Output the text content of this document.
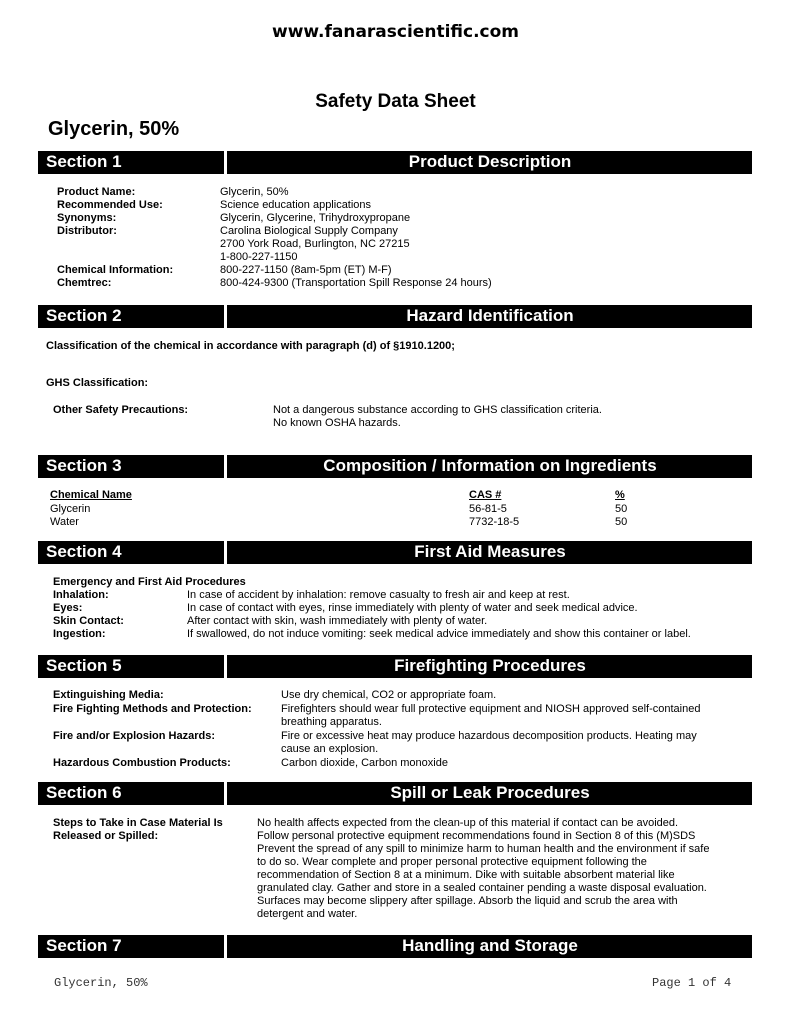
www.fanarascientific.com
Safety Data Sheet
Glycerin, 50%
Section 1	Product Description
Product Name:	Glycerin, 50%
Recommended Use:	Science education applications
Synonyms:	Glycerin, Glycerine, Trihydroxypropane
Distributor:	Carolina Biological Supply Company
2700 York Road, Burlington, NC 27215
1-800-227-1150
Chemical Information:	800-227-1150 (8am-5pm (ET) M-F)
Chemtrec:	800-424-9300 (Transportation Spill Response 24 hours)
Section 2	Hazard Identification
Classification of the chemical in accordance with paragraph (d) of §1910.1200;
GHS Classification:
Other Safety Precautions:	Not a dangerous substance according to GHS classification criteria.
No known OSHA hazards.
Section 3	Composition / Information on Ingredients
Chemical Name	CAS #	%
Glycerin	56-81-5	50
Water	7732-18-5	50
Section 4	First Aid Measures
Emergency and First Aid Procedures
Inhalation:	In case of accident by inhalation: remove casualty to fresh air and keep at rest.
Eyes:	In case of contact with eyes, rinse immediately with plenty of water and seek medical advice.
Skin Contact:	After contact with skin, wash immediately with plenty of water.
Ingestion:	If swallowed, do not induce vomiting: seek medical advice immediately and show this container or label.
Section 5	Firefighting Procedures
Extinguishing Media:	Use dry chemical, CO2 or appropriate foam.
Fire Fighting Methods and Protection:	Firefighters should wear full protective equipment and NIOSH approved self-contained
breathing apparatus.
Fire and/or Explosion Hazards:	Fire or excessive heat may produce hazardous decomposition products. Heating may
cause an explosion.
Hazardous Combustion Products:	Carbon dioxide, Carbon monoxide
Section 6	Spill or Leak Procedures
Steps to Take in Case Material Is
Released or Spilled:
No health affects expected from the clean-up of this material if contact can be avoided.
Follow personal protective equipment recommendations found in Section 8 of this (M)SDS
Prevent the spread of any spill to minimize harm to human health and the environment if safe
to do so. Wear complete and proper personal protective equipment following the
recommendation of Section 8 at a minimum. Dike with suitable absorbent material like
granulated clay. Gather and store in a sealed container pending a waste disposal evaluation.
Surfaces may become slippery after spillage. Absorb the liquid and scrub the area with
detergent and water.
Section 7	Handling and Storage
Glycerin, 50%	Page 1 of 4
